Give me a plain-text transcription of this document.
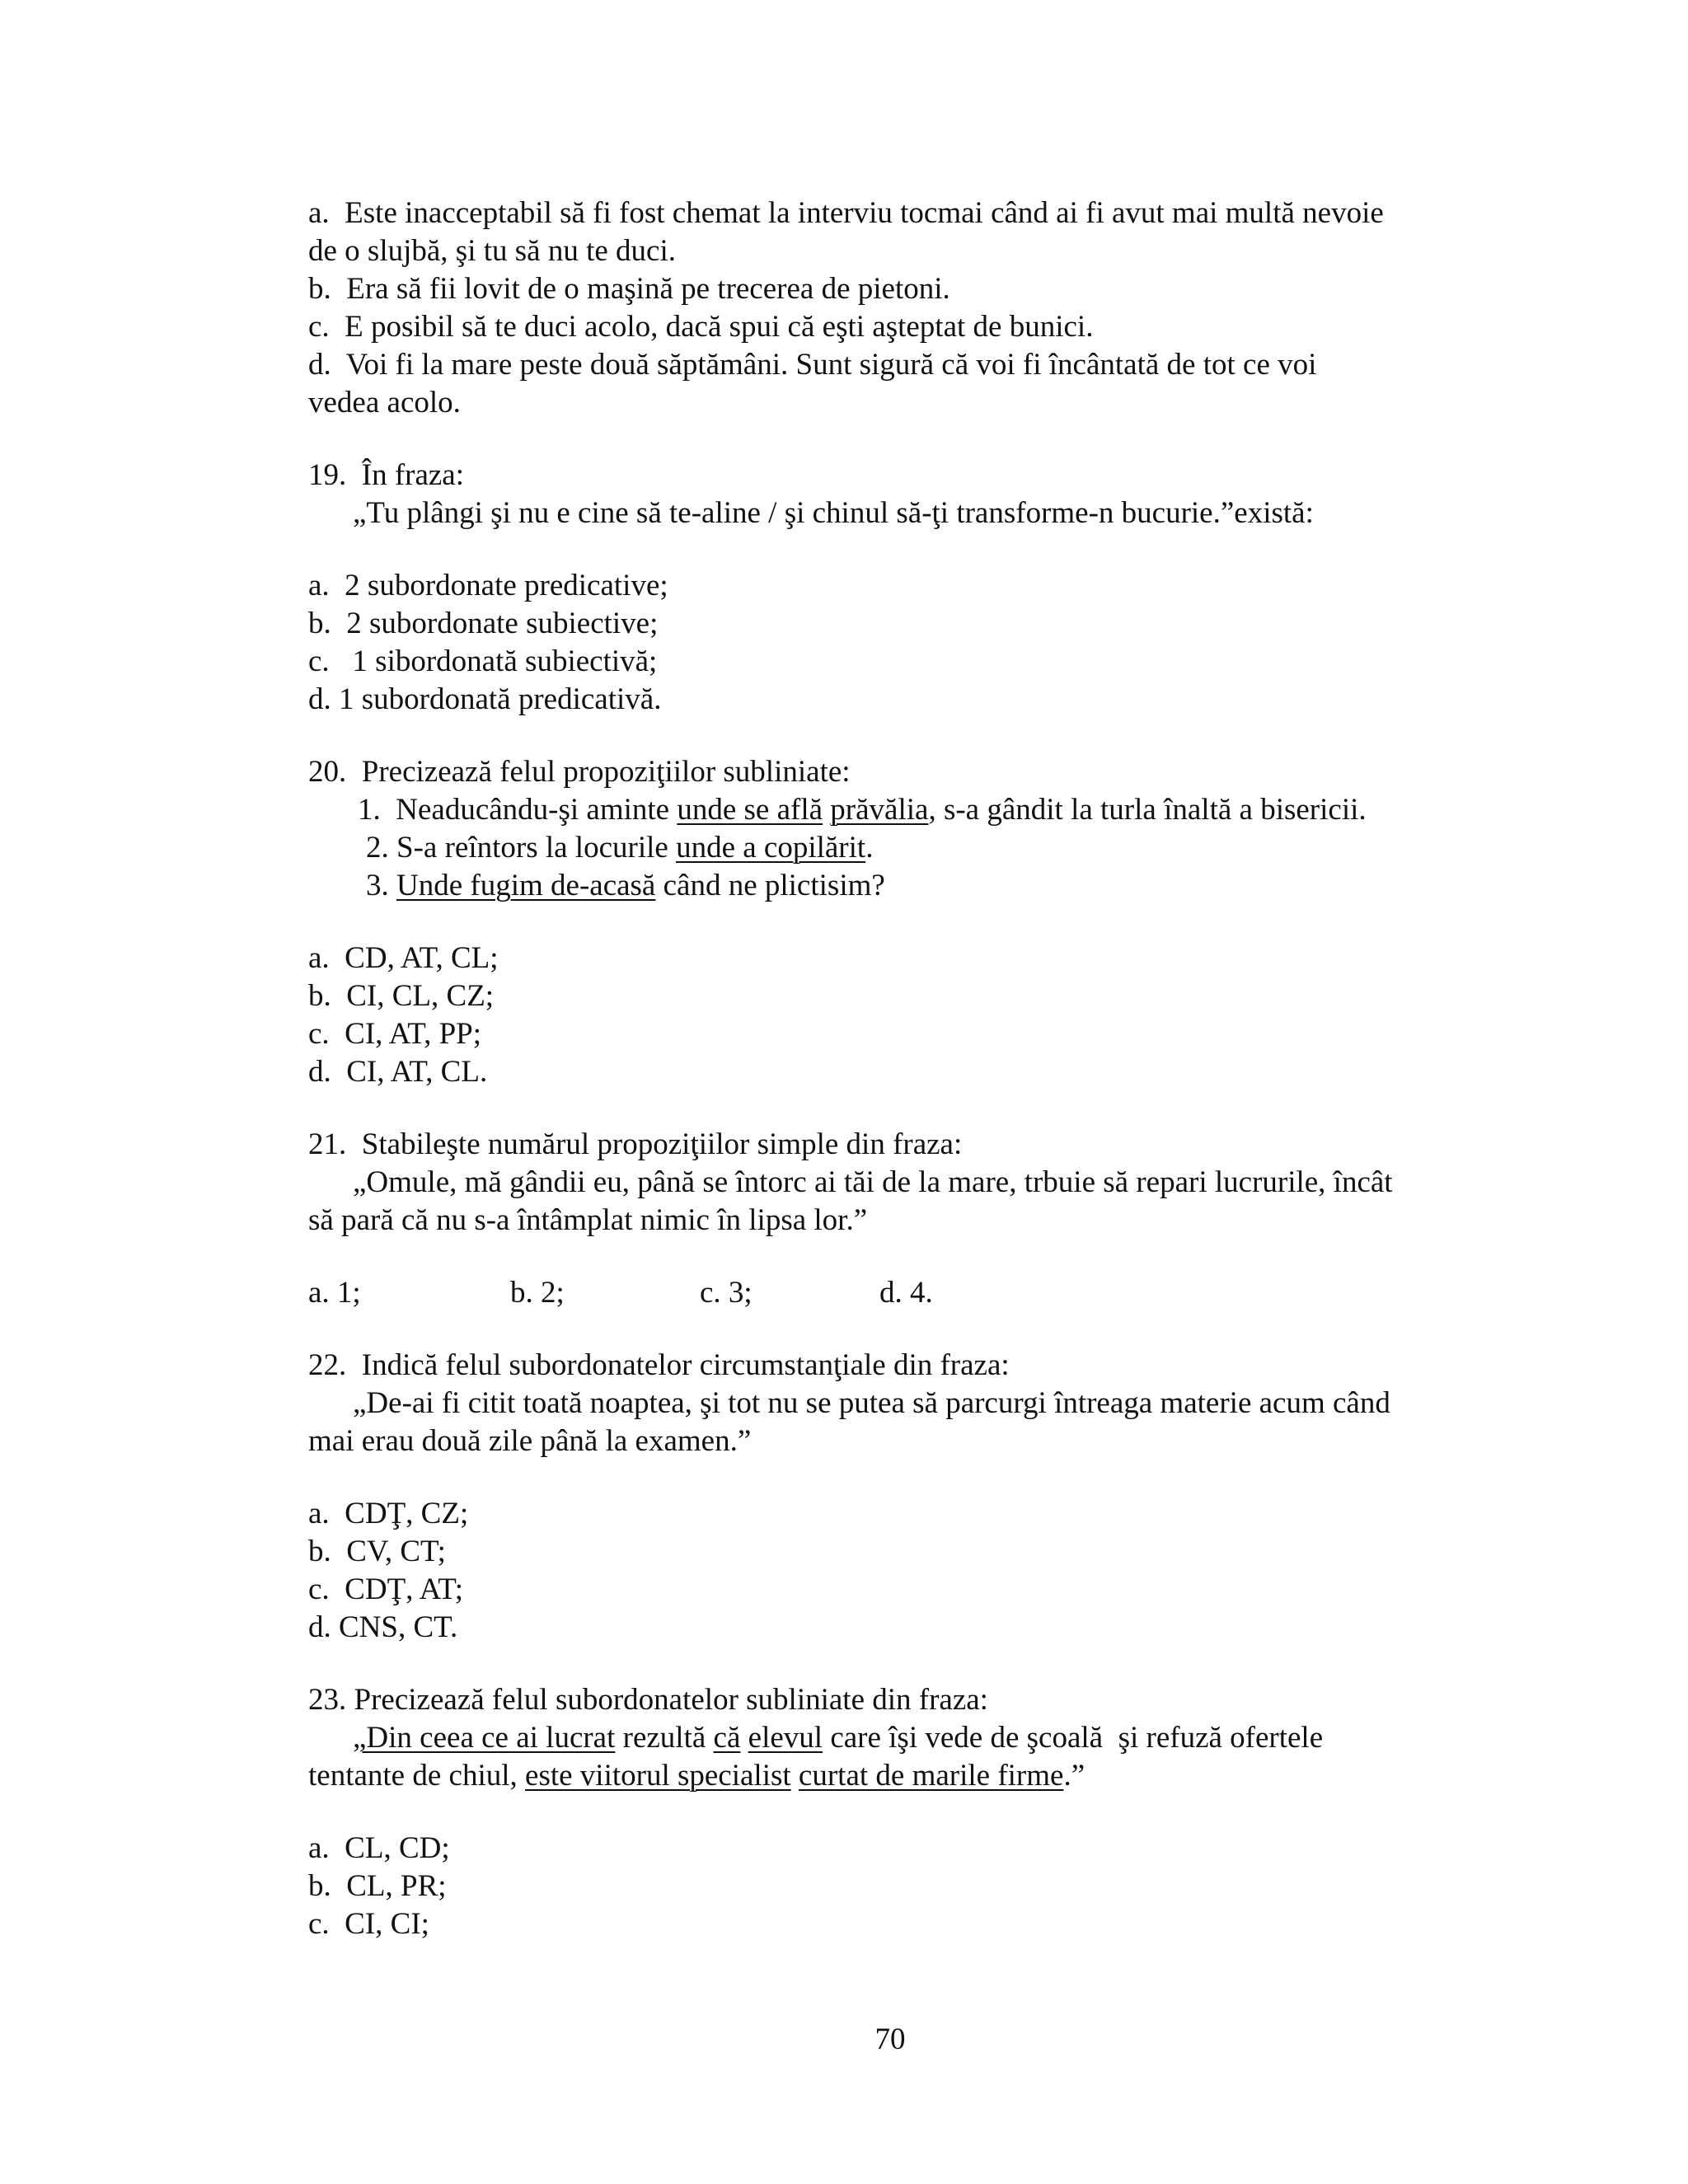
a.  Este inacceptabil să fi fost chemat la interviu tocmai când ai fi avut mai multă nevoie
de o slujbă, şi tu să nu te duci.
b.  Era să fii lovit de o maşină pe trecerea de pietoni.
c.  E posibil să te duci acolo, dacă spui că eşti aşteptat de bunici.
d.  Voi fi la mare peste două săptămâni. Sunt sigură că voi fi încântată de tot ce voi
vedea acolo.
19.  În fraza:
„Tu plângi şi nu e cine să te-aline / şi chinul să-ţi transforme-n bucurie.”există:
a.  2 subordonate predicative;
b.  2 subordonate subiective;
c.   1 sibordonată subiectivă;
d. 1 subordonată predicativă.
20.  Precizează felul propoziţiilor subliniate:
1.  Neaducându-şi aminte unde se află prăvălia, s-a gândit la turla înaltă a bisericii.
2. S-a reîntors la locurile unde a copilărit.
3. Unde fugim de-acasă când ne plictisim?
a.  CD, AT, CL;
b.  CI, CL, CZ;
c.  CI, AT, PP;
d.  CI, AT, CL.
21.  Stabileşte numărul propoziţiilor simple din fraza:
„Omule, mă gândii eu, până se întorc ai tăi de la mare, trbuie să repari lucrurile, încât
să pară că nu s-a întâmplat nimic în lipsa lor.”
a. 1;	b. 2;	c. 3;	d. 4.
22.  Indică felul subordonatelor circumstanţiale din fraza:
„De-ai fi citit toată noaptea, şi tot nu se putea să parcurgi întreaga materie acum când
mai erau două zile până la examen.”
a.  CDŢ, CZ;
b.  CV, CT;
c.  CDŢ, AT;
d. CNS, CT.
23. Precizează felul subordonatelor subliniate din fraza:
„Din ceea ce ai lucrat rezultă că elevul care îşi vede de şcoală  şi refuză ofertele
tentante de chiul, este viitorul specialist curtat de marile firme.”
a.  CL, CD;
b.  CL, PR;
c.  CI, CI;
70
